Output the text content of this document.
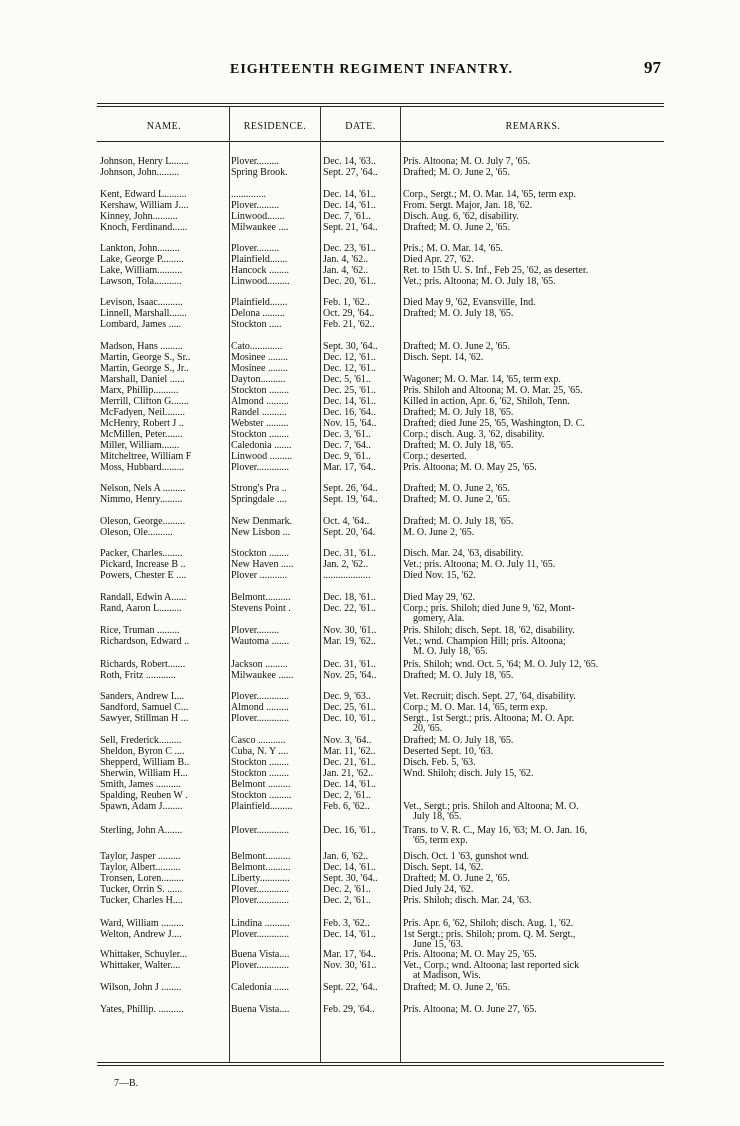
EIGHTEENTH REGIMENT INFANTRY.	97
NAME.	RESIDENCE.	DATE.	REMARKS.
Johnson, Henry L.......	Plover.........	Dec. 14, '63..	Pris. Altoona; M. O. July 7, '65.
Johnson, John.........	Spring Brook.	Sept. 27, '64..	Drafted; M. O. June 2, '65.
Kent, Edward L.........	..............	Dec. 14, '61..	Corp., Sergt.; M. O. Mar. 14, '65, term exp.
Kershaw, William J....	Plover.........	Dec. 14, '61..	From. Sergt. Major, Jan. 18, '62.
Kinney, John..........	Linwood.......	Dec. 7, '61..	Disch. Aug. 6, '62, disability.
Knoch, Ferdinand......	Milwaukee ....	Sept. 21, '64..	Drafted; M. O. June 2, '65.
Lankton, John.........	Plover.........	Dec. 23, '61..	Pris.; M. O. Mar. 14, '65.
Lake, George P.........	Plainfield.......	Jan. 4, '62..	Died Apr. 27, '62.
Lake, William..........	Hancock ........	Jan. 4, '62..	Ret. to 15th U. S. Inf., Feb 25, '62, as deserter.
Lawson, Tola...........	Linwood.........	Dec. 20, '61..	Vet.; pris. Altoona; M. O. July 18, '65.
Levison, Isaac..........	Plainfield.......	Feb. 1, '62..	Died May 9, '62, Evansville, Ind.
Linnell, Marshall.......	Delona .........	Oct. 29, '64..	Drafted; M. O. July 18, '65.
Lombard, James .....	Stockton .....	Feb. 21, '62..
Madson, Hans .........	Cato.............	Sept. 30, '64..	Drafted; M. O. June 2, '65.
Martin, George S., Sr..	Mosinee ........	Dec. 12, '61..	Disch. Sept. 14, '62.
Martin, George S., Jr..	Mosinee ........	Dec. 12, '61..
Marshall, Daniel ......	Dayton..........	Dec. 5, '61..	Wagoner; M. O. Mar. 14, '65, term exp.
Marx, Phillip..........	Stockton ........	Dec. 25, '61..	Pris. Shiloh and Altoona; M. O. Mar. 25, '65.
Merrill, Clifton G.......	Almond .........	Dec. 14, '61..	Killed in action, Apr. 6, '62, Shiloh, Tenn.
McFadyen, Neil........	Randel ..........	Dec. 16, '64..	Drafted; M. O. July 18, '65.
McHenry, Robert J ..	Webster .........	Nov. 15, '64..	Drafted; died June 25, '65, Washington, D. C.
McMillen, Peter.......	Stockton ........	Dec. 3, '61..	Corp.; disch. Aug. 3, '62, disability.
Miller, William.......	Caledonia .......	Dec. 7, '64..	Drafted; M. O. July 18, '65.
Mitcheltree, William F	Linwood .........	Dec. 9, '61..	Corp.; deserted.
Moss, Hubbard.........	Plover.............	Mar. 17, '64..	Pris. Altoona; M. O. May 25, '65.
Nelson, Nels A .........	Strong's Pra ..	Sept. 26, '64..	Drafted; M. O. June 2, '65.
Nimmo, Henry.........	Springdale ....	Sept. 19, '64..	Drafted; M. O. June 2, '65.
Oleson, George.........	New Denmark.	Oct. 4, '64..	Drafted; M. O. July 18, '65.
Oleson, Ole..........	New Lisbon ...	Sept. 20, '64.	M. O. June 2, '65.
Packer, Charles........	Stockton ........	Dec. 31, '61..	Disch. Mar. 24, '63, disability.
Pickard, Increase B ..	New Haven .....	Jan. 2, '62..	Vet.; pris. Altoona; M. O. July 11, '65.
Powers, Chester E ....	Plover ...........	...................	Died Nov. 15, '62.
Randall, Edwin A......	Belmont..........	Dec. 18, '61..	Died May 29, '62.
Rand, Aaron L.........	Stevens Point .	Dec. 22, '61..	Corp.; pris. Shiloh; died June 9, '62, Mont-
gomery, Ala.
Rice, Truman .........	Plover.........	Nov. 30, '61..	Pris. Shiloh; disch. Sept. 18, '62, disability.
Richardson, Edward ..	Wautoma .......	Mar. 19, '62..	Vet.; wnd. Champion Hill; pris. Altoona;
M. O. July 18, '65.
Richards, Robert.......	Jackson .........	Dec. 31, '61..	Pris. Shiloh; wnd. Oct. 5, '64; M. O. July 12, '65.
Roth, Fritz ............	Milwaukee ......	Nov. 25, '64..	Drafted; M. O. July 18, '65.
Sanders, Andrew I....	Plover.............	Dec. 9, '63..	Vet. Recruit; disch. Sept. 27, '64, disability.
Sandford, Samuel C...	Almond .........	Dec. 25, '61..	Corp.; M. O. Mar. 14, '65, term exp.
Sawyer, Stillman H ...	Plover.............	Dec. 10, '61..	Sergt., 1st Sergt.; pris. Altoona; M. O. Apr.
20, '65.
Sell, Frederick.........	Casco ...........	Nov. 3, '64..	Drafted; M. O. July 18, '65.
Sheldon, Byron C ....	Cuba, N. Y ....	Mar. 11, '62..	Deserted Sept. 10, '63.
Shepperd, William B..	Stockton ........	Dec. 21, '61..	Disch. Feb. 5, '63.
Sherwin, William H...	Stockton ........	Jan. 21, '62..	Wnd. Shiloh; disch. July 15, '62.
Smith, James ..........	Belmont .........	Dec. 14, '61..
Spalding, Reuben W .	Stockton .........	Dec. 2, '61..
Spawn, Adam J........	Plainfield.........	Feb. 6, '62..	Vet., Sergt.; pris. Shiloh and Altoona; M. O.
July 18, '65.
Sterling, John A.......	Plover.............	Dec. 16, '61..	Trans. to V. R. C., May 16, '63; M. O. Jan. 16,
'65, term exp.
Taylor, Jasper .........	Belmont..........	Jan. 6, '62..	Disch. Oct. 1 '63, gunshot wnd.
Taylor, Albert..........	Belmont..........	Dec. 14, '61..	Disch. Sept. 14, '62.
Tronsen, Loren.........	Liberty............	Sept. 30, '64..	Drafted; M. O. June 2, '65.
Tucker, Orrin S. ......	Plover.............	Dec. 2, '61..	Died July 24, '62.
Tucker, Charles H....	Plover.............	Dec. 2, '61..	Pris. Shiloh; disch. Mar. 24, '63.
Ward, William .........	Lindina ..........	Feb. 3, '62..	Pris. Apr. 6, '62, Shiloh; disch. Aug. 1, '62.
Welton, Andrew J....	Plover.............	Dec. 14, '61..	1st Sergt.; pris. Shiloh; prom. Q. M. Sergt.,
June 15, '63.
Whittaker, Schuyler...	Buena Vista....	Mar. 17, '64..	Pris. Altoona; M. O. May 25, '65.
Whittaker, Walter....	Plover.............	Nov. 30, '61..	Vet., Corp.; wnd. Altoona; last reported sick
at Madison, Wis.
Wilson, John J ........	Caledonia ......	Sept. 22, '64..	Drafted; M. O. June 2, '65.
Yates, Phillip. ..........	Buena Vista....	Feb. 29, '64..	Pris. Altoona; M. O. June 27, '65.
7—B.
